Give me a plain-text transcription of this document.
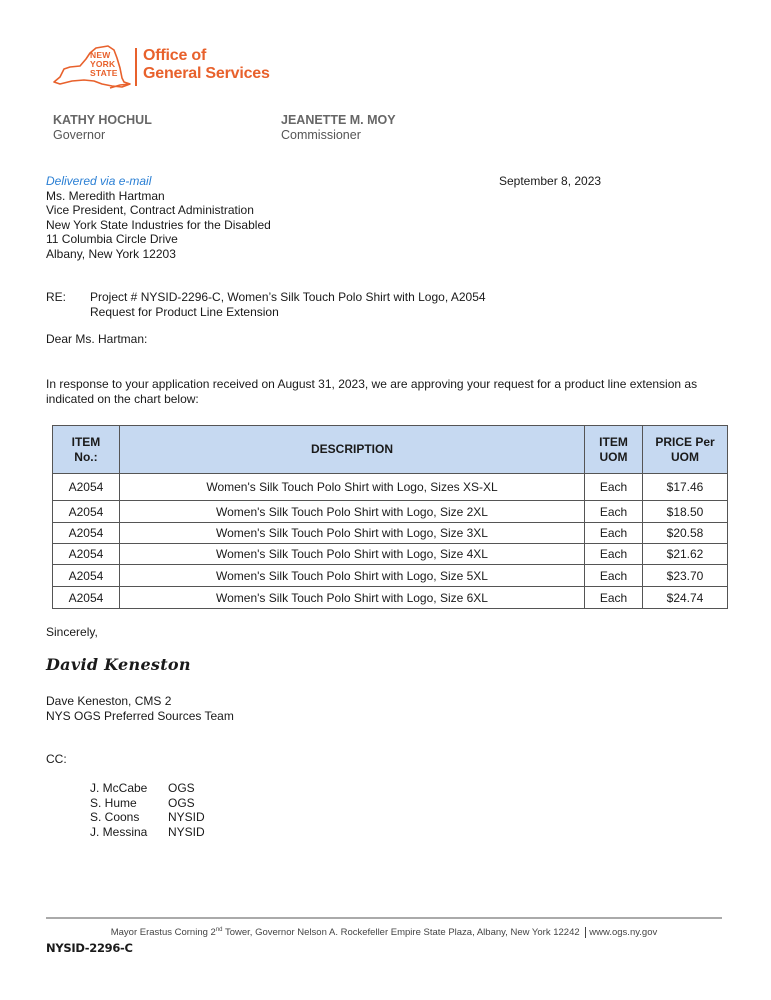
NEW
YORK
STATE
Office of
General Services
KATHY HOCHUL
Governor
JEANETTE M. MOY
Commissioner
Delivered via e-mail
Ms. Meredith Hartman
Vice President, Contract Administration
New York State Industries for the Disabled
11 Columbia Circle Drive
Albany, New York 12203
September 8, 2023
RE: Project # NYSID-2296-C, Women’s Silk Touch Polo Shirt with Logo, A2054
Request for Product Line Extension
Dear Ms. Hartman:
In response to your application received on August 31, 2023, we are approving your request for a product line extension as indicated on the chart below:
ITEM No.:	DESCRIPTION	ITEM UOM	PRICE Per UOM
A2054	Women's Silk Touch Polo Shirt with Logo, Sizes XS-XL	Each	$17.46
A2054	Women's Silk Touch Polo Shirt with Logo, Size 2XL	Each	$18.50
A2054	Women's Silk Touch Polo Shirt with Logo, Size 3XL	Each	$20.58
A2054	Women's Silk Touch Polo Shirt with Logo, Size 4XL	Each	$21.62
A2054	Women's Silk Touch Polo Shirt with Logo, Size 5XL	Each	$23.70
A2054	Women's Silk Touch Polo Shirt with Logo, Size 6XL	Each	$24.74
Sincerely,
David Keneston
Dave Keneston, CMS 2
NYS OGS Preferred Sources Team
CC:
J. McCabe	OGS
S. Hume	OGS
S. Coons	NYSID
J. Messina	NYSID
Mayor Erastus Corning 2nd Tower, Governor Nelson A. Rockefeller Empire State Plaza, Albany, New York 12242 www.ogs.ny.gov
NYSID-2296-C
